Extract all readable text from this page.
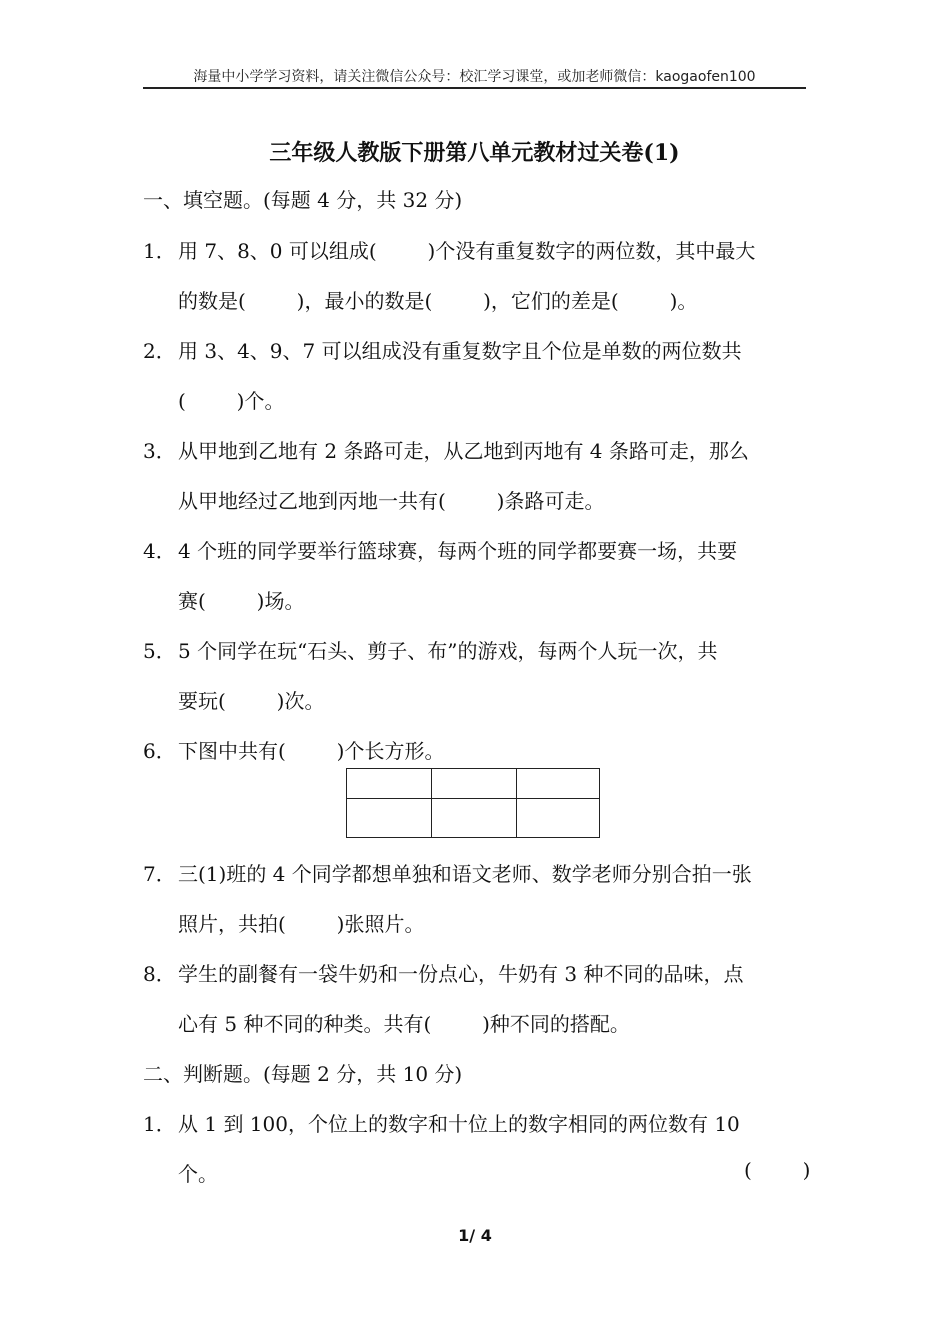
海量中小学学习资料，请关注微信公众号：校汇学习课堂，或加老师微信：kaogaofen100
三年级人教版下册第八单元教材过关卷(1)
一、填空题。(每题 4 分，共 32 分)
1． 用 7、8、0 可以组成(        )个没有重复数字的两位数，其中最大
的数是(        )，最小的数是(        )，它们的差是(        )。
2． 用 3、4、9、7 可以组成没有重复数字且个位是单数的两位数共
(        )个。
3． 从甲地到乙地有 2 条路可走，从乙地到丙地有 4 条路可走，那么
从甲地经过乙地到丙地一共有(        )条路可走。
4． 4 个班的同学要举行篮球赛，每两个班的同学都要赛一场，共要
赛(        )场。
5． 5 个同学在玩“石头、剪子、布”的游戏，每两个人玩一次，共
要玩(        )次。
6． 下图中共有(        )个长方形。
7． 三(1)班的 4 个同学都想单独和语文老师、数学老师分别合拍一张
照片，共拍(        )张照片。
8． 学生的副餐有一袋牛奶和一份点心，牛奶有 3 种不同的品味，点
心有 5 种不同的种类。共有(        )种不同的搭配。
二、判断题。(每题 2 分，共 10 分)
1． 从 1 到 100，个位上的数字和十位上的数字相同的两位数有 10
个。	(        )
1/ 4
